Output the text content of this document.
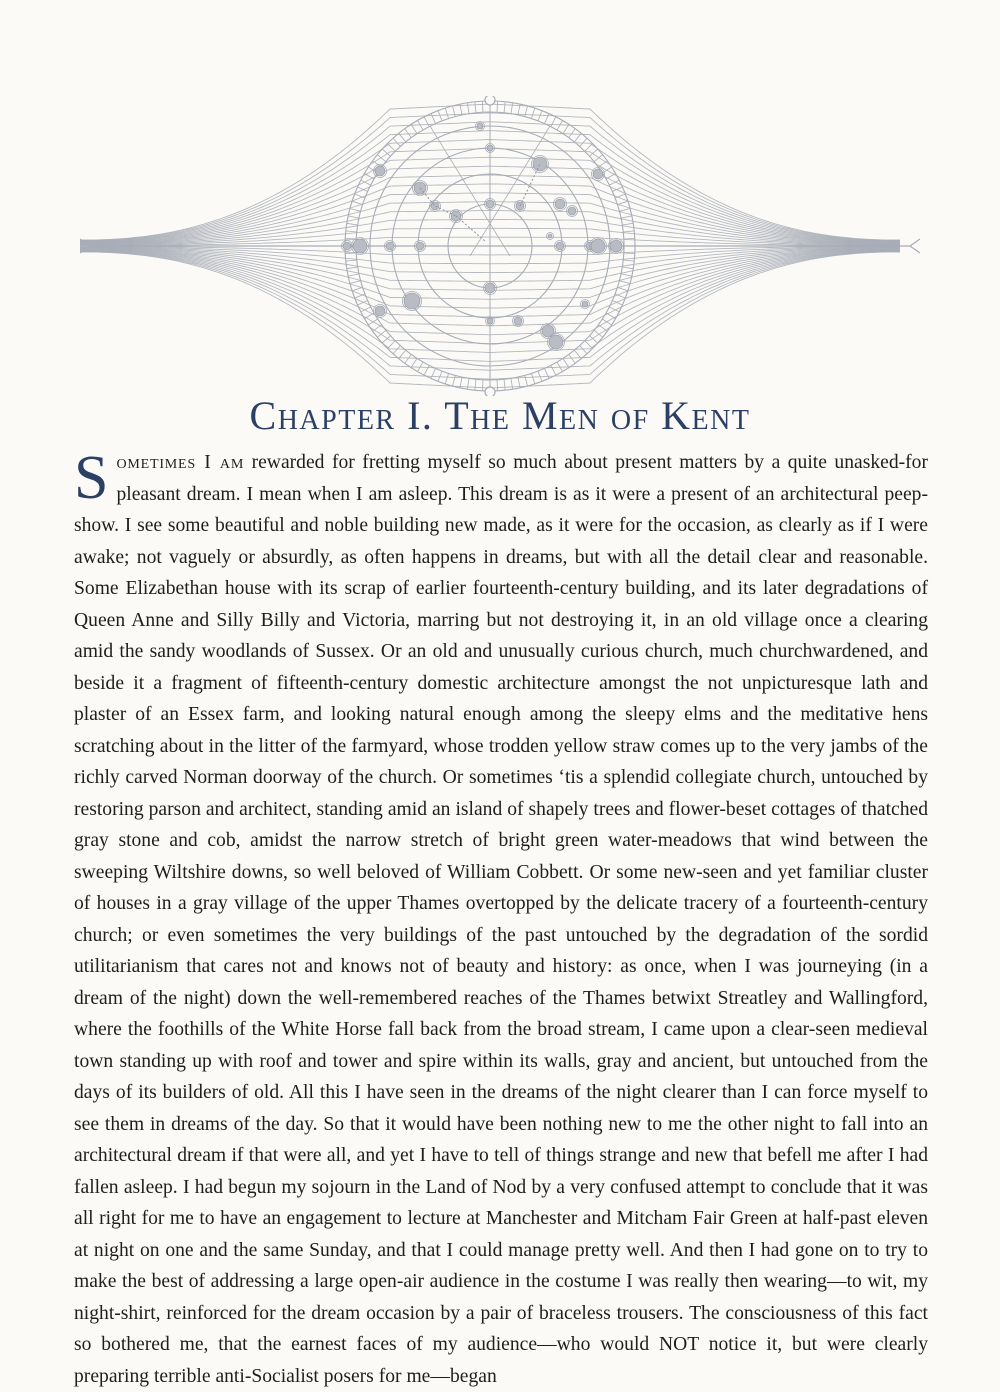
Chapter I. The Men of Kent

Sometimes I am rewarded for fretting myself so much about present matters by a quite unasked-for pleasant dream. I mean when I am asleep. This dream is as it were a present of an architectural peep-show. I see some beautiful and noble building new made, as it were for the occasion, as clearly as if I were awake; not vaguely or absurdly, as often happens in dreams, but with all the detail clear and reasonable. Some Elizabethan house with its scrap of earlier fourteenth-century building, and its later degradations of Queen Anne and Silly Billy and Victoria, marring but not destroying it, in an old village once a clearing amid the sandy woodlands of Sussex. Or an old and unusually curious church, much churchwardened, and beside it a fragment of fifteenth-century domestic architecture amongst the not unpicturesque lath and plaster of an Essex farm, and looking natural enough among the sleepy elms and the meditative hens scratching about in the litter of the farmyard, whose trodden yellow straw comes up to the very jambs of the richly carved Norman doorway of the church. Or sometimes ‘tis a splendid collegiate church, untouched by restoring parson and architect, standing amid an island of shapely trees and flower-beset cottages of thatched gray stone and cob, amidst the narrow stretch of bright green water-meadows that wind between the sweeping Wiltshire downs, so well beloved of William Cobbett. Or some new-seen and yet familiar cluster of houses in a gray village of the upper Thames overtopped by the delicate tracery of a fourteenth-century church; or even sometimes the very buildings of the past untouched by the degradation of the sordid utilitarianism that cares not and knows not of beauty and history: as once, when I was journeying (in a dream of the night) down the well-remembered reaches of the Thames betwixt Streatley and Wallingford, where the foothills of the White Horse fall back from the broad stream, I came upon a clear-seen medieval town standing up with roof and tower and spire within its walls, gray and ancient, but untouched from the days of its builders of old. All this I have seen in the dreams of the night clearer than I can force myself to see them in dreams of the day. So that it would have been nothing new to me the other night to fall into an architectural dream if that were all, and yet I have to tell of things strange and new that befell me after I had fallen asleep. I had begun my sojourn in the Land of Nod by a very confused attempt to conclude that it was all right for me to have an engagement to lecture at Manchester and Mitcham Fair Green at half-past eleven at night on one and the same Sunday, and that I could manage pretty well. And then I had gone on to try to make the best of addressing a large open-air audience in the costume I was really then wearing—to wit, my night-shirt, reinforced for the dream occasion by a pair of braceless trousers. The consciousness of this fact so bothered me, that the earnest faces of my audience—who would NOT notice it, but were clearly preparing terrible anti-Socialist posers for me—began
